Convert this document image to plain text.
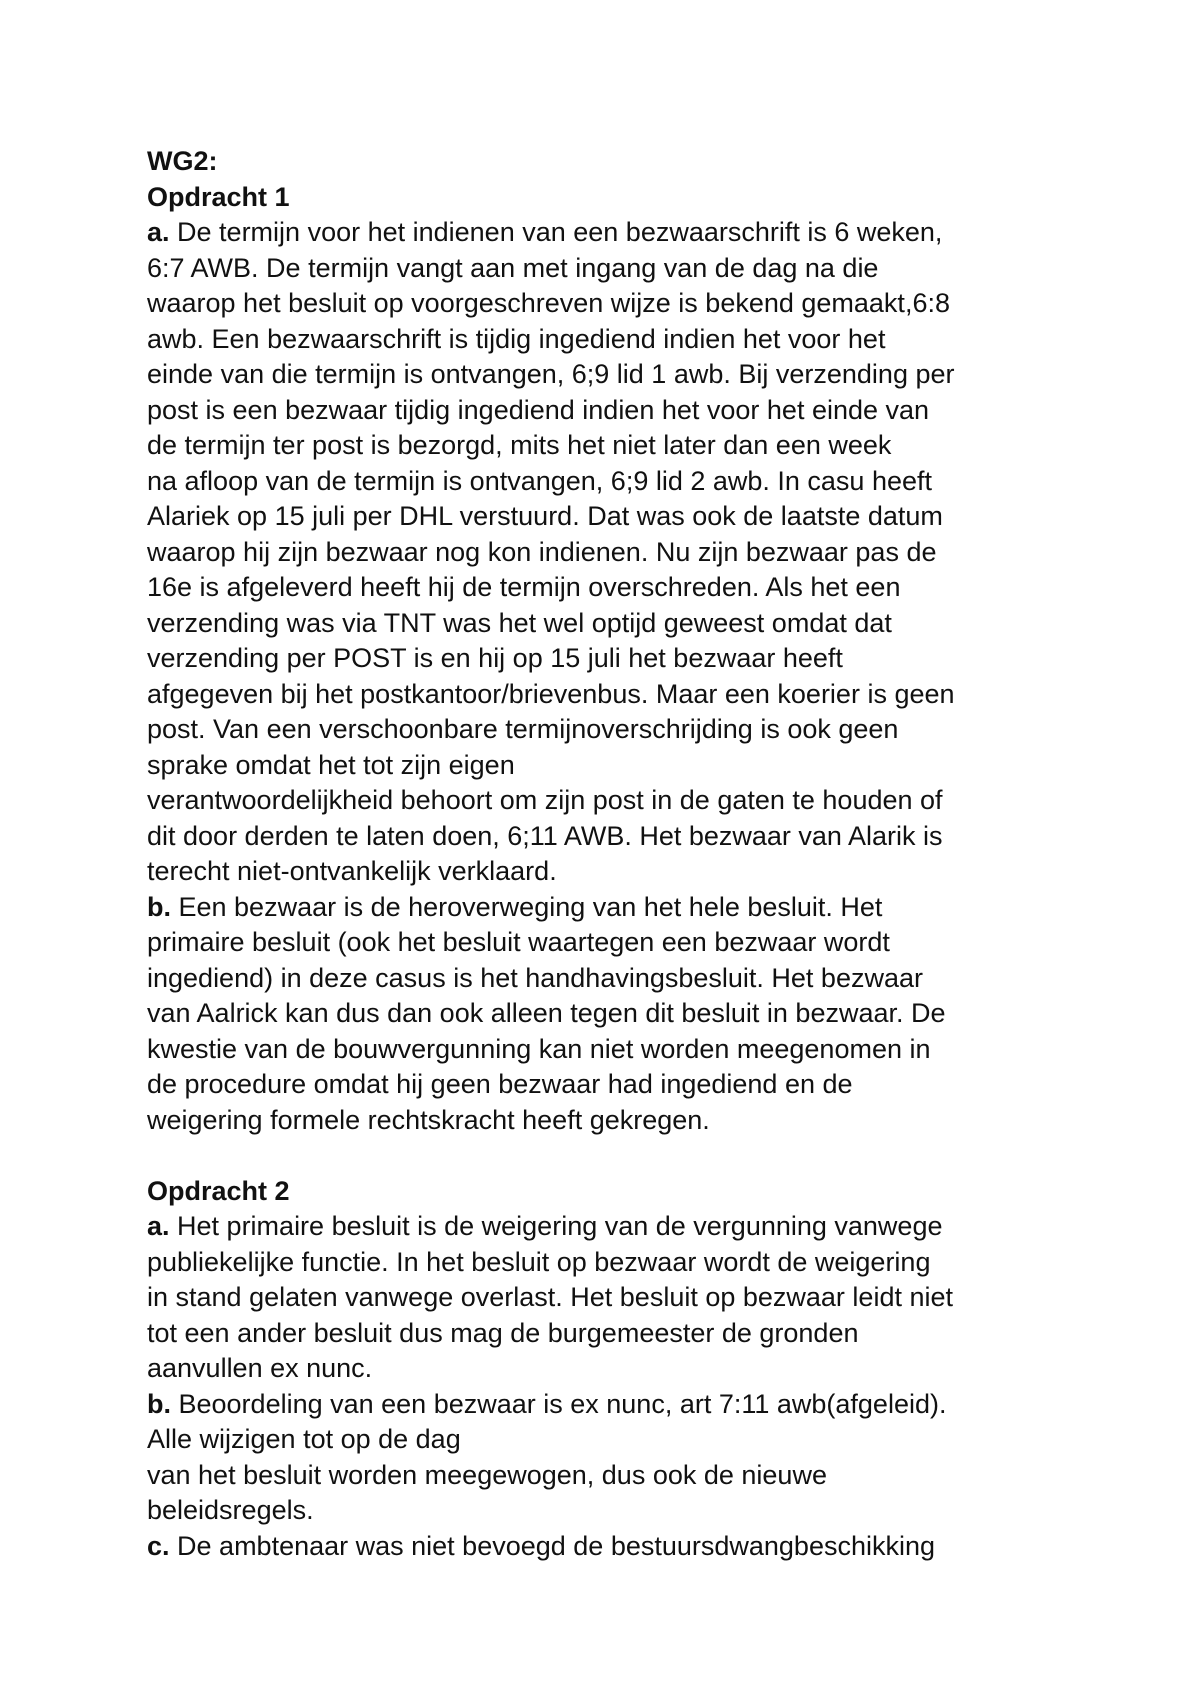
WG2:
Opdracht 1
a. De termijn voor het indienen van een bezwaarschrift is 6 weken,
6:7 AWB. De termijn vangt aan met ingang van de dag na die
waarop het besluit op voorgeschreven wijze is bekend gemaakt,6:8
awb. Een bezwaarschrift is tijdig ingediend indien het voor het
einde van die termijn is ontvangen, 6;9 lid 1 awb. Bij verzending per
post is een bezwaar tijdig ingediend indien het voor het einde van
de termijn ter post is bezorgd, mits het niet later dan een week
na afloop van de termijn is ontvangen, 6;9 lid 2 awb. In casu heeft
Alariek op 15 juli per DHL verstuurd. Dat was ook de laatste datum
waarop hij zijn bezwaar nog kon indienen. Nu zijn bezwaar pas de
16e is afgeleverd heeft hij de termijn overschreden. Als het een
verzending was via TNT was het wel optijd geweest omdat dat
verzending per POST is en hij op 15 juli het bezwaar heeft
afgegeven bij het postkantoor/brievenbus. Maar een koerier is geen
post. Van een verschoonbare termijnoverschrijding is ook geen
sprake omdat het tot zijn eigen
verantwoordelijkheid behoort om zijn post in de gaten te houden of
dit door derden te laten doen, 6;11 AWB. Het bezwaar van Alarik is
terecht niet-ontvankelijk verklaard.
b. Een bezwaar is de heroverweging van het hele besluit. Het
primaire besluit (ook het besluit waartegen een bezwaar wordt
ingediend) in deze casus is het handhavingsbesluit. Het bezwaar
van Aalrick kan dus dan ook alleen tegen dit besluit in bezwaar. De
kwestie van de bouwvergunning kan niet worden meegenomen in
de procedure omdat hij geen bezwaar had ingediend en de
weigering formele rechtskracht heeft gekregen.
Opdracht 2
a. Het primaire besluit is de weigering van de vergunning vanwege
publiekelijke functie. In het besluit op bezwaar wordt de weigering
in stand gelaten vanwege overlast. Het besluit op bezwaar leidt niet
tot een ander besluit dus mag de burgemeester de gronden
aanvullen ex nunc.
b. Beoordeling van een bezwaar is ex nunc, art 7:11 awb(afgeleid).
Alle wijzigen tot op de dag
van het besluit worden meegewogen, dus ook de nieuwe
beleidsregels.
c. De ambtenaar was niet bevoegd de bestuursdwangbeschikking
